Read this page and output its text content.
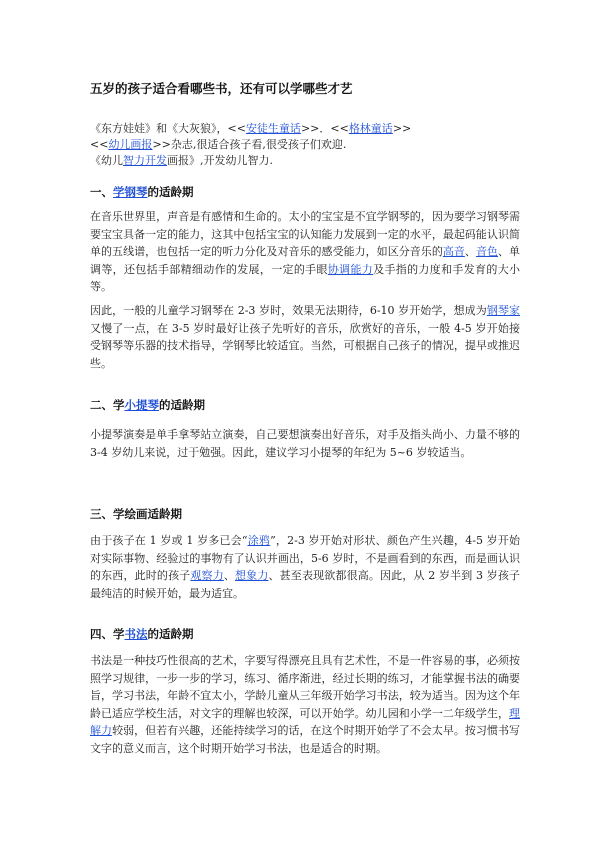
五岁的孩子适合看哪些书，还有可以学哪些才艺
《东方娃娃》和《大灰狼》，<<安徒生童话>>．<<格林童话>>
<<幼儿画报>>杂志,很适合孩子看,很受孩子们欢迎.
《幼儿智力开发画报》,开发幼儿智力.
一、学钢琴的适龄期
在音乐世界里，声音是有感情和生命的。太小的宝宝是不宜学钢琴的，因为要学习钢琴需要宝宝具备一定的能力，这其中包括宝宝的认知能力发展到一定的水平，最起码能认识简单的五线谱，也包括一定的听力分化及对音乐的感受能力，如区分音乐的高音、音色、单调等，还包括手部精细动作的发展，一定的手眼协调能力及手指的力度和手发育的大小等。
因此，一般的儿童学习钢琴在 2-3 岁时，效果无法期待，6-10 岁开始学，想成为钢琴家又慢了一点，在 3-5 岁时最好让孩子先听好的音乐，欣赏好的音乐，一般 4-5 岁开始接受钢琴等乐器的技术指导，学钢琴比较适宜。当然，可根据自己孩子的情况，提早或推迟些。
二、学小提琴的适龄期
小提琴演奏是单手拿琴站立演奏，自己要想演奏出好音乐，对手及指头尚小、力量不够的 3-4 岁幼儿来说，过于勉强。因此，建议学习小提琴的年纪为 5~6 岁较适当。
三、学绘画适龄期
由于孩子在 1 岁或 1 岁多已会“涂鸦”，2-3 岁开始对形状、颜色产生兴趣，4-5 岁开始对实际事物、经验过的事物有了认识并画出，5-6 岁时，不是画看到的东西，而是画认识的东西，此时的孩子观察力、想象力、甚至表现欲都很高。因此，从 2 岁半到 3 岁孩子最纯洁的时候开始，最为适宜。
四、学书法的适龄期
书法是一种技巧性很高的艺术，字要写得漂亮且具有艺术性，不是一件容易的事，必须按照学习规律，一步一步的学习，练习、循序渐进，经过长期的练习，才能掌握书法的确要旨，学习书法，年龄不宜太小，学龄儿童从三年级开始学习书法，较为适当。因为这个年龄已适应学校生活，对文字的理解也较深，可以开始学。幼儿园和小学一二年级学生，理解力较弱，但若有兴趣，还能持续学习的话，在这个时期开始学了不会太早。按习惯书写文字的意义而言，这个时期开始学习书法，也是适合的时期。
